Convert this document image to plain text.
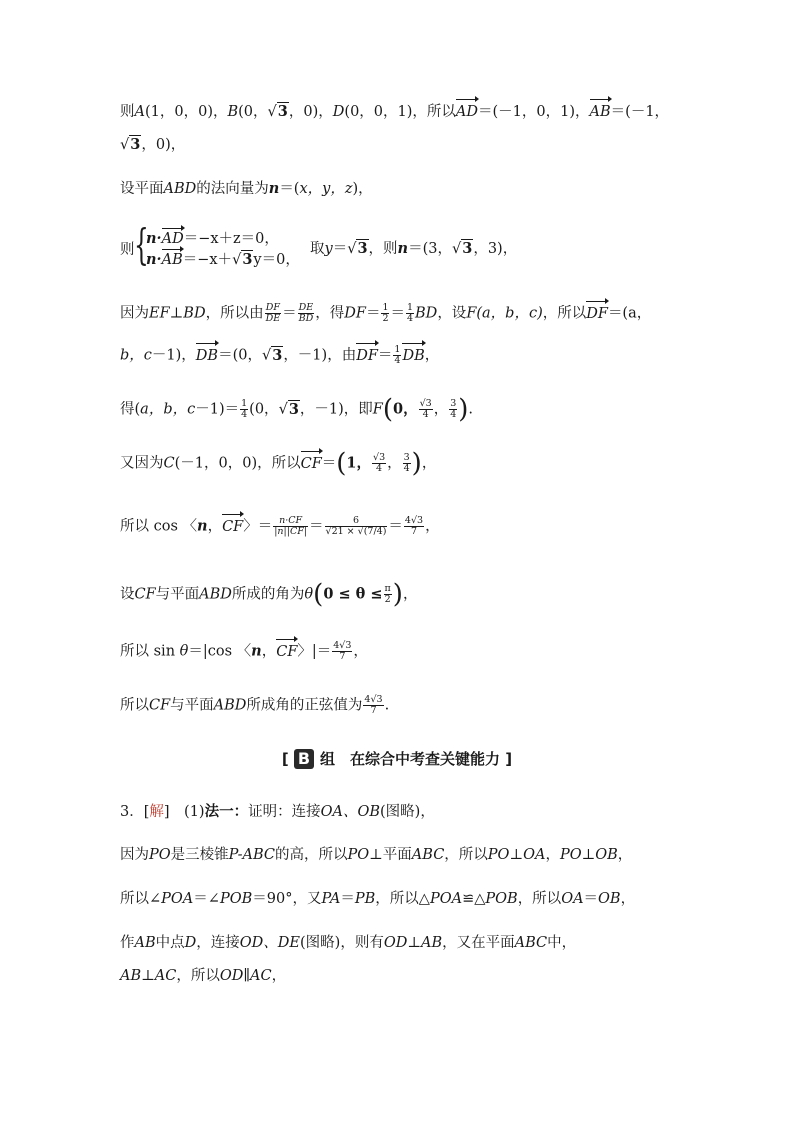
则A(1，0，0)，B(0，√3，0)，D(0，0，1)，所以AD＝(－1，0，1)，AB＝(－1，
√3，0)，
设平面ABD的法向量为n＝(x，y，z)，
则 {
n·AD＝−x＋z＝0，
n·AB＝−x＋√3y＝0，
取y＝√3，则n＝(3，√3，3)，
因为EF⊥BD，所以由 $\frac{DF}{DE} = \frac{DE}{BD}$ ，得$DF= \frac{1}{2} = \frac{1}{4}$ BD，设F(a，b，c)，所以DF＝(a，
b，c－1)，DB＝(0，√3，－1)，由$DF= \frac{1}{4}$ DB，
得(a，b，$c-1)= \frac{1}{4} (0$，√3，－1)，即F(0， $\frac{√3}{4}$ ， $\frac{3}{4}$ ).
又因为C(－1，0，0)，所以CF＝(1， $\frac{√3}{4}$ ， $\frac{3}{4}$ )，
所以 cos 〈n，CF〉＝ $\frac{n\cdot CF}{|n||CF|} = \frac{6}{√21 \times √(7/4)} = \frac{4√3}{7}$ ，
设CF与平面ABD所成的角为$\theta(0 \le \theta \le \frac{\pi}{2}$ )，
所以 sin θ＝|cos 〈n，CF〉|＝ $\frac{4√3}{7}$ ，
所以CF与平面ABD所成角的正弦值为 $\frac{4√3}{7}$ .
[ B 组　在综合中考查关键能力 ]
3．[解]　(1)法一：证明：连接OA、OB(图略)，
因为PO是三棱锥P-ABC的高，所以PO⊥平面ABC，所以PO⊥OA，PO⊥OB，
所以∠POA＝∠POB＝90°，又PA＝PB，所以△POA≌△POB，所以OA＝OB，
作AB中点D，连接OD、DE(图略)，则有OD⊥AB，又在平面ABC中，
AB⊥AC，所以OD∥AC，
